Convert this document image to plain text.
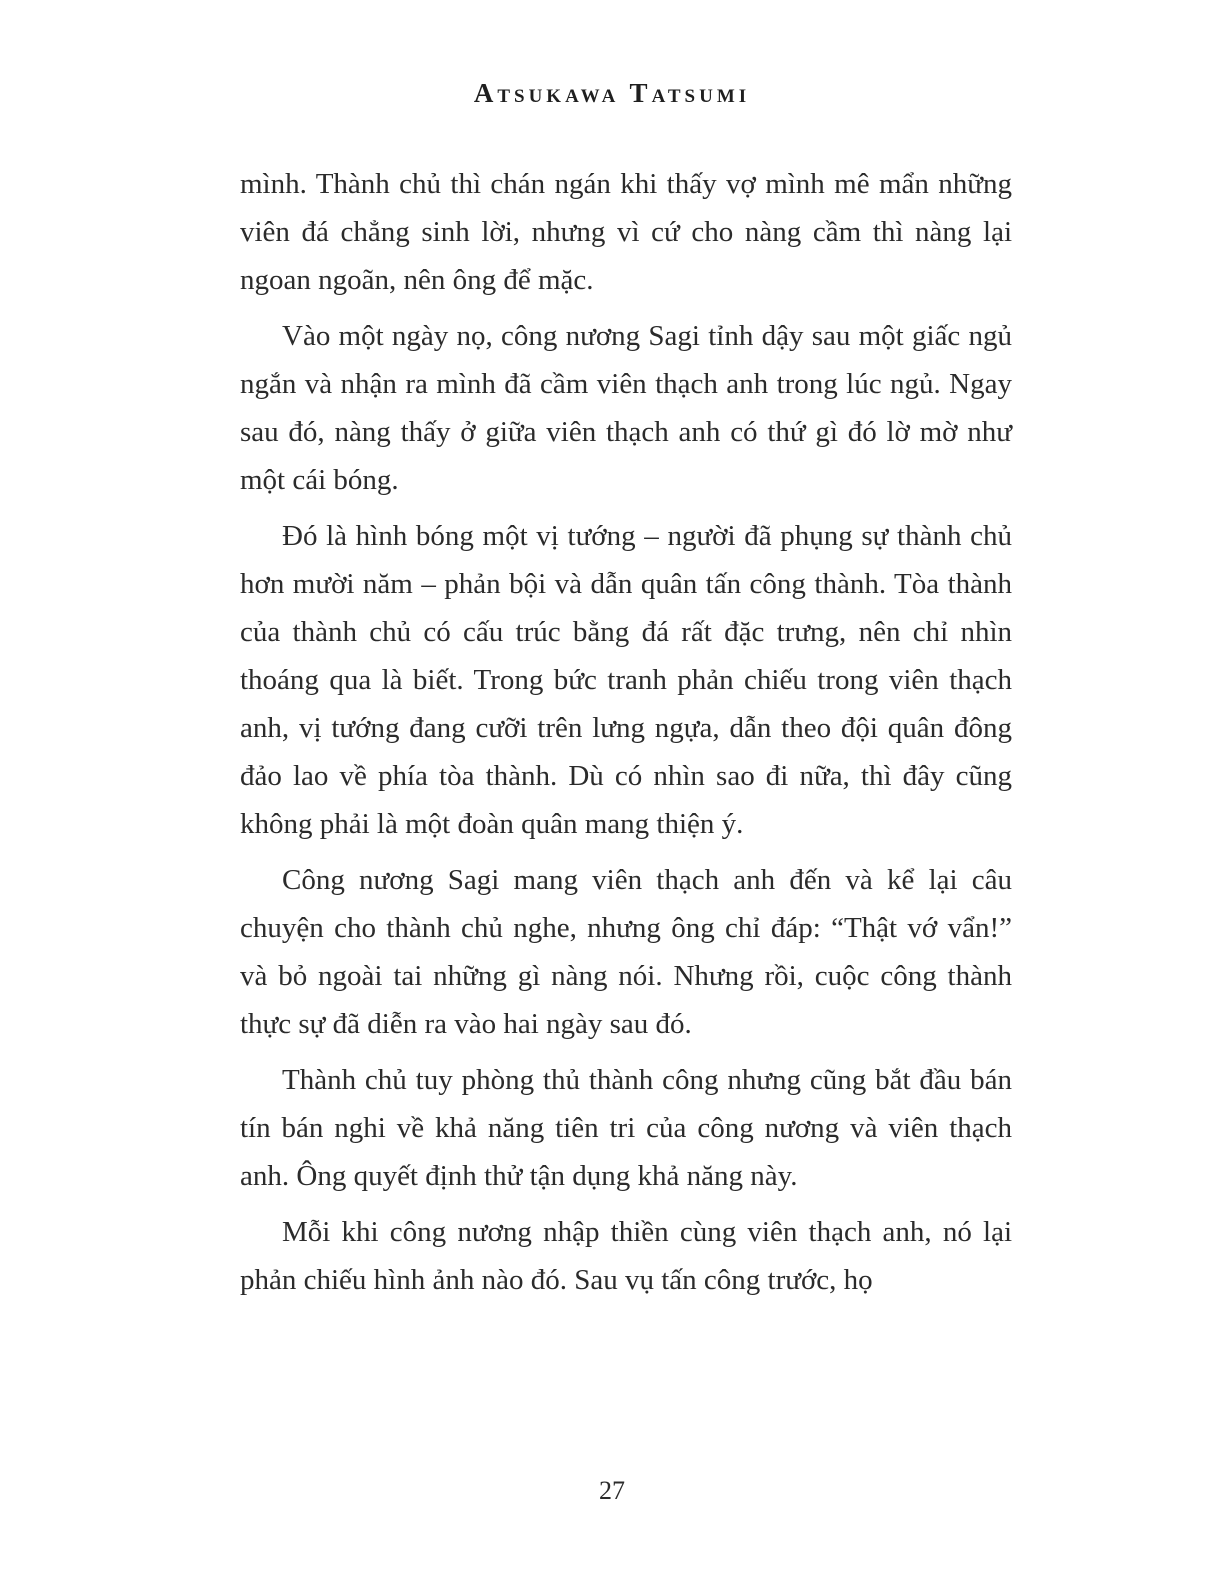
Atsukawa Tatsumi

mình. Thành chủ thì chán ngán khi thấy vợ mình mê mẩn những viên đá chẳng sinh lời, nhưng vì cứ cho nàng cầm thì nàng lại ngoan ngoãn, nên ông để mặc.

Vào một ngày nọ, công nương Sagi tỉnh dậy sau một giấc ngủ ngắn và nhận ra mình đã cầm viên thạch anh trong lúc ngủ. Ngay sau đó, nàng thấy ở giữa viên thạch anh có thứ gì đó lờ mờ như một cái bóng.

Đó là hình bóng một vị tướng – người đã phụng sự thành chủ hơn mười năm – phản bội và dẫn quân tấn công thành. Tòa thành của thành chủ có cấu trúc bằng đá rất đặc trưng, nên chỉ nhìn thoáng qua là biết. Trong bức tranh phản chiếu trong viên thạch anh, vị tướng đang cưỡi trên lưng ngựa, dẫn theo đội quân đông đảo lao về phía tòa thành. Dù có nhìn sao đi nữa, thì đây cũng không phải là một đoàn quân mang thiện ý.

Công nương Sagi mang viên thạch anh đến và kể lại câu chuyện cho thành chủ nghe, nhưng ông chỉ đáp: “Thật vớ vẩn!” và bỏ ngoài tai những gì nàng nói. Nhưng rồi, cuộc công thành thực sự đã diễn ra vào hai ngày sau đó.

Thành chủ tuy phòng thủ thành công nhưng cũng bắt đầu bán tín bán nghi về khả năng tiên tri của công nương và viên thạch anh. Ông quyết định thử tận dụng khả năng này.

Mỗi khi công nương nhập thiền cùng viên thạch anh, nó lại phản chiếu hình ảnh nào đó. Sau vụ tấn công trước, họ

27
